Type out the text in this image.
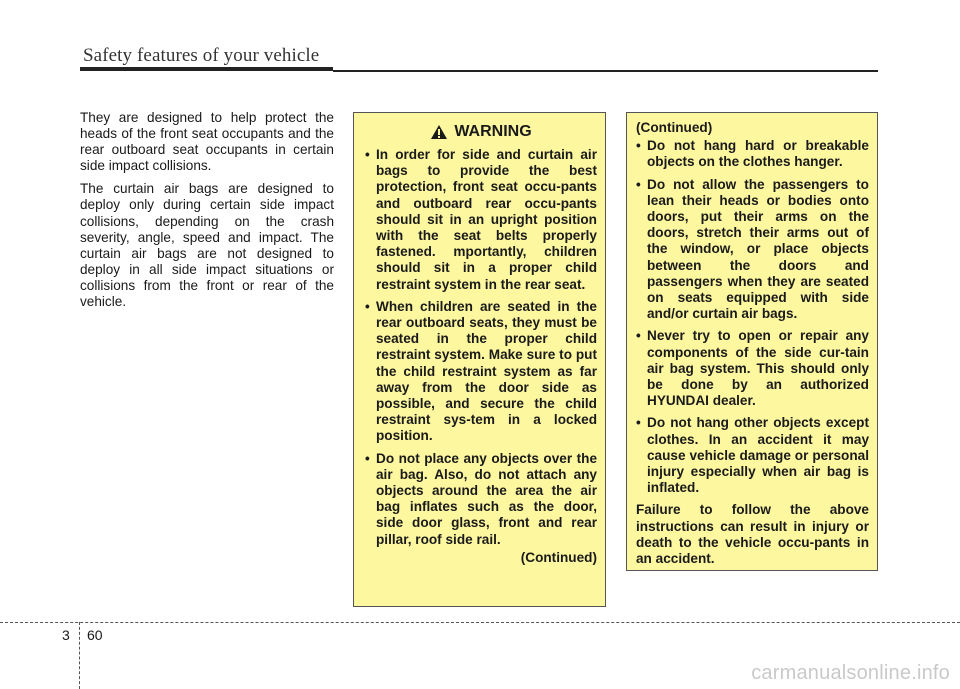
Safety features of your vehicle

They are designed to help protect the heads of the front seat occupants and the rear outboard seat occupants in certain side impact collisions.

The curtain air bags are designed to deploy only during certain side impact collisions, depending on the crash severity, angle, speed and impact. The curtain air bags are not designed to deploy in all side impact situations or collisions from the front or rear of the vehicle.

WARNING
• In order for side and curtain air bags to provide the best protection, front seat occu-pants and outboard rear occu-pants should sit in an upright position with the seat belts properly fastened. mportantly, children should sit in a proper child restraint system in the rear seat.
• When children are seated in the rear outboard seats, they must be seated in the proper child restraint system. Make sure to put the child restraint system as far away from the door side as possible, and secure the child restraint sys-tem in a locked position.
• Do not place any objects over the air bag. Also, do not attach any objects around the area the air bag inflates such as the door, side door glass, front and rear pillar, roof side rail.
(Continued)
(Continued)
• Do not hang hard or breakable objects on the clothes hanger.
• Do not allow the passengers to lean their heads or bodies onto doors, put their arms on the doors, stretch their arms out of the window, or place objects between the doors and passengers when they are seated on seats equipped with side and/or curtain air bags.
• Never try to open or repair any components of the side cur-tain air bag system. This should only be done by an authorized HYUNDAI dealer.
• Do not hang other objects except clothes. In an accident it may cause vehicle damage or personal injury especially when air bag is inflated.

Failure to follow the above instructions can result in injury or death to the vehicle occu-pants in an accident.

3 60
carmanualsonline.info
